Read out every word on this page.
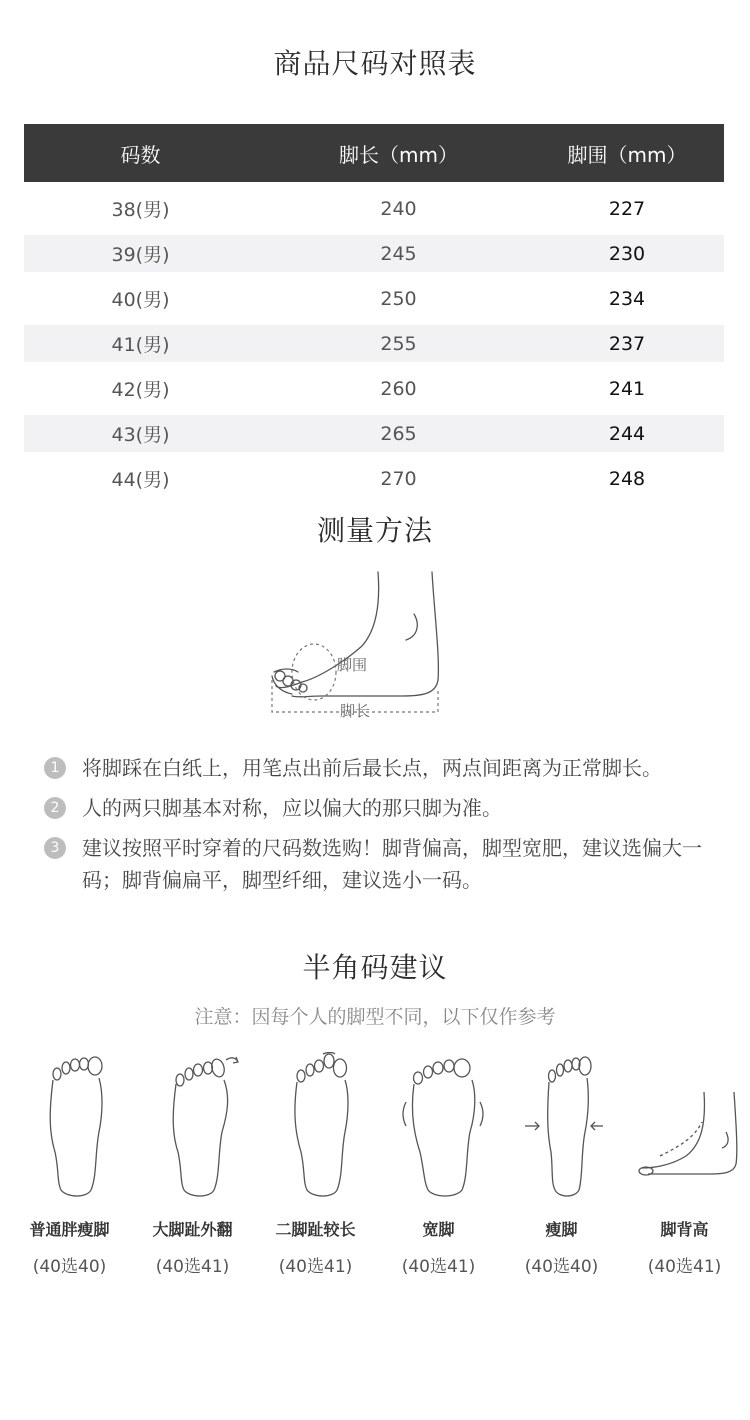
商品尺码对照表
码数	脚长（mm）	脚围（mm）
38(男)	240	227
39(男)	245	230
40(男)	250	234
41(男)	255	237
42(男)	260	241
43(男)	265	244
44(男)	270	248
测量方法
脚围
脚长
1	将脚踩在白纸上，用笔点出前后最长点，两点间距离为正常脚长。
2	人的两只脚基本对称，应以偏大的那只脚为准。
3	建议按照平时穿着的尺码数选购！脚背偏高，脚型宽肥，建议选偏大一码；脚背偏扁平，脚型纤细，建议选小一码。
半角码建议
注意：因每个人的脚型不同，以下仅作参考
普通胖瘦脚
(40选40)
大脚趾外翻
(40选41)
二脚趾较长
(40选41)
宽脚
(40选41)
瘦脚
(40选40)
脚背高
(40选41)
